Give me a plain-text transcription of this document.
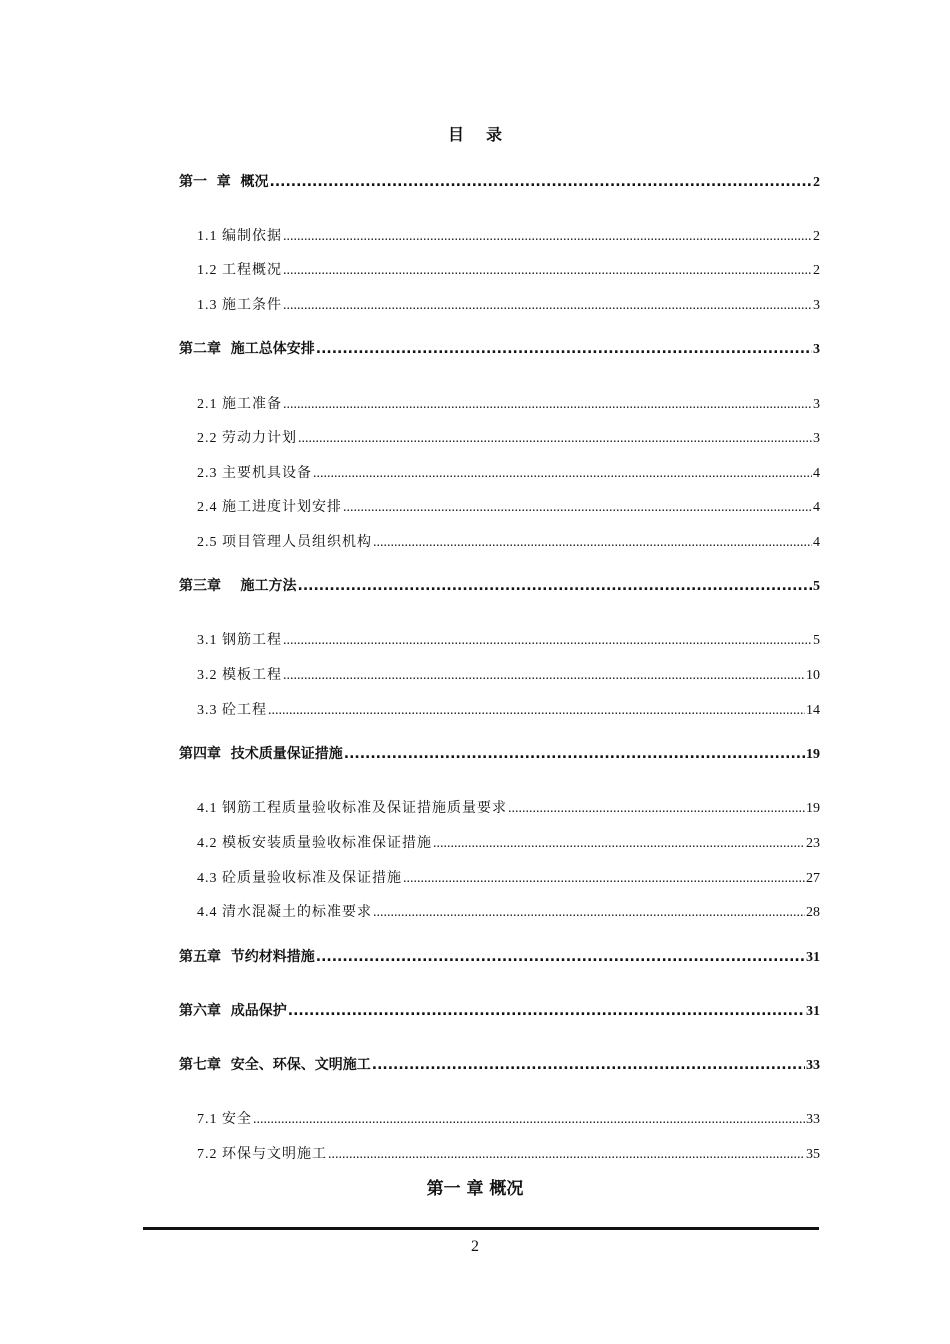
目 录
第一  章  概况 .....	2
1.1 编制依据 .....	2
1.2 工程概况 .....	2
1.3 施工条件 .....	3
第二章  施工总体安排 .....	3
2.1 施工准备 .....	3
2.2 劳动力计划 .....	3
2.3 主要机具设备 .....	4
2.4 施工进度计划安排 .....	4
2.5 项目管理人员组织机构 .....	4
第三章    施工方法 .....	5
3.1 钢筋工程 .....	5
3.2 模板工程 .....	10
3.3 砼工程 .....	14
第四章  技术质量保证措施 .....	19
4.1 钢筋工程质量验收标准及保证措施质量要求 .....	19
4.2 模板安装质量验收标准保证措施 .....	23
4.3 砼质量验收标准及保证措施 .....	27
4.4 清水混凝土的标准要求 .....	28
第五章  节约材料措施 .....	31
第六章  成品保护 .....	31
第七章  安全、环保、文明施工 .....	33
7.1 安全 .....	33
7.2 环保与文明施工 .....	35
第一 章 概况
2
